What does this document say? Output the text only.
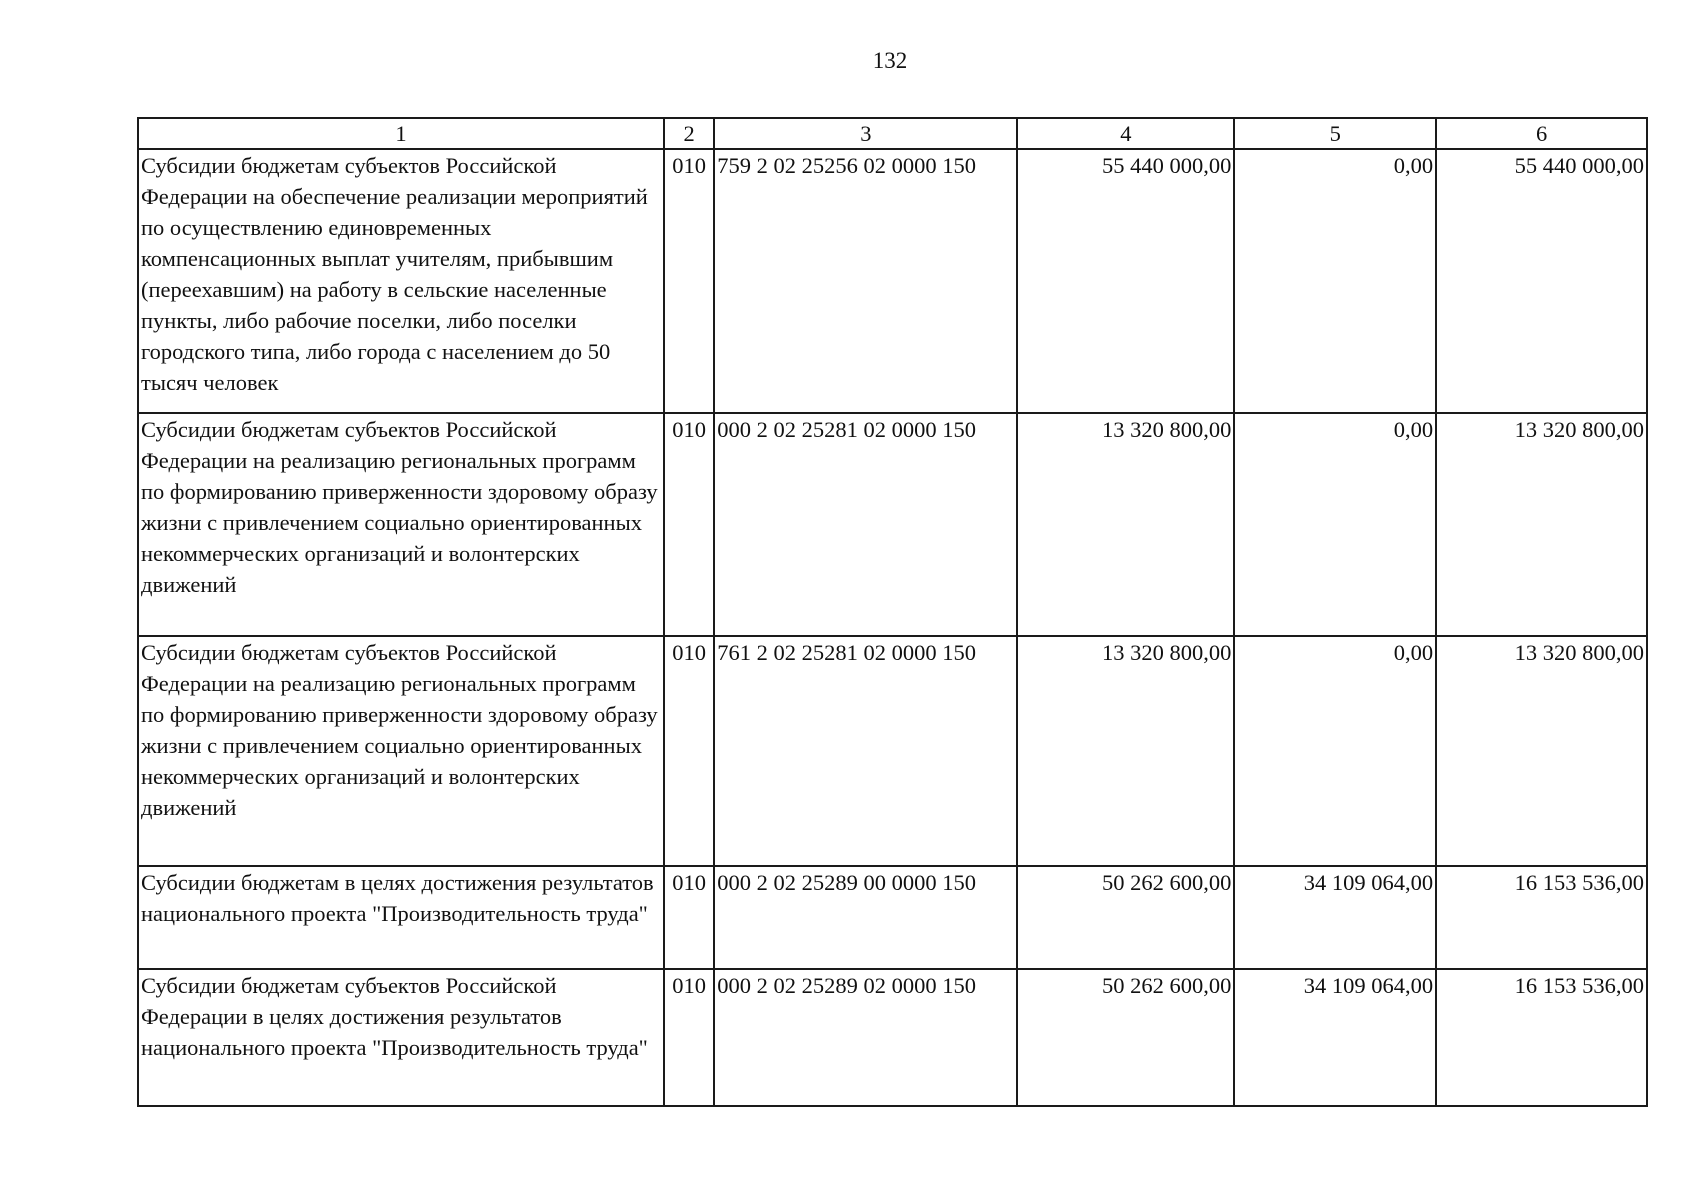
132
1	2	3	4	5	6
Субсидии бюджетам субъектов Российской Федерации на обеспечение реализации мероприятий по осуществлению единовременных компенсационных выплат учителям, прибывшим (переехавшим) на работу в сельские населенные пункты, либо рабочие поселки, либо поселки городского типа, либо города с населением до 50 тысяч человек	010	759 2 02 25256 02 0000 150	55 440 000,00	0,00	55 440 000,00
Субсидии бюджетам субъектов Российской Федерации на реализацию региональных программ по формированию приверженности здоровому образу жизни с привлечением социально ориентированных некоммерческих организаций и волонтерских движений	010	000 2 02 25281 02 0000 150	13 320 800,00	0,00	13 320 800,00
Субсидии бюджетам субъектов Российской Федерации на реализацию региональных программ по формированию приверженности здоровому образу жизни с привлечением социально ориентированных некоммерческих организаций и волонтерских движений	010	761 2 02 25281 02 0000 150	13 320 800,00	0,00	13 320 800,00
Субсидии бюджетам в целях достижения результатов национального проекта "Производительность труда"	010	000 2 02 25289 00 0000 150	50 262 600,00	34 109 064,00	16 153 536,00
Субсидии бюджетам субъектов Российской Федерации в целях достижения результатов национального проекта "Производительность труда"	010	000 2 02 25289 02 0000 150	50 262 600,00	34 109 064,00	16 153 536,00
